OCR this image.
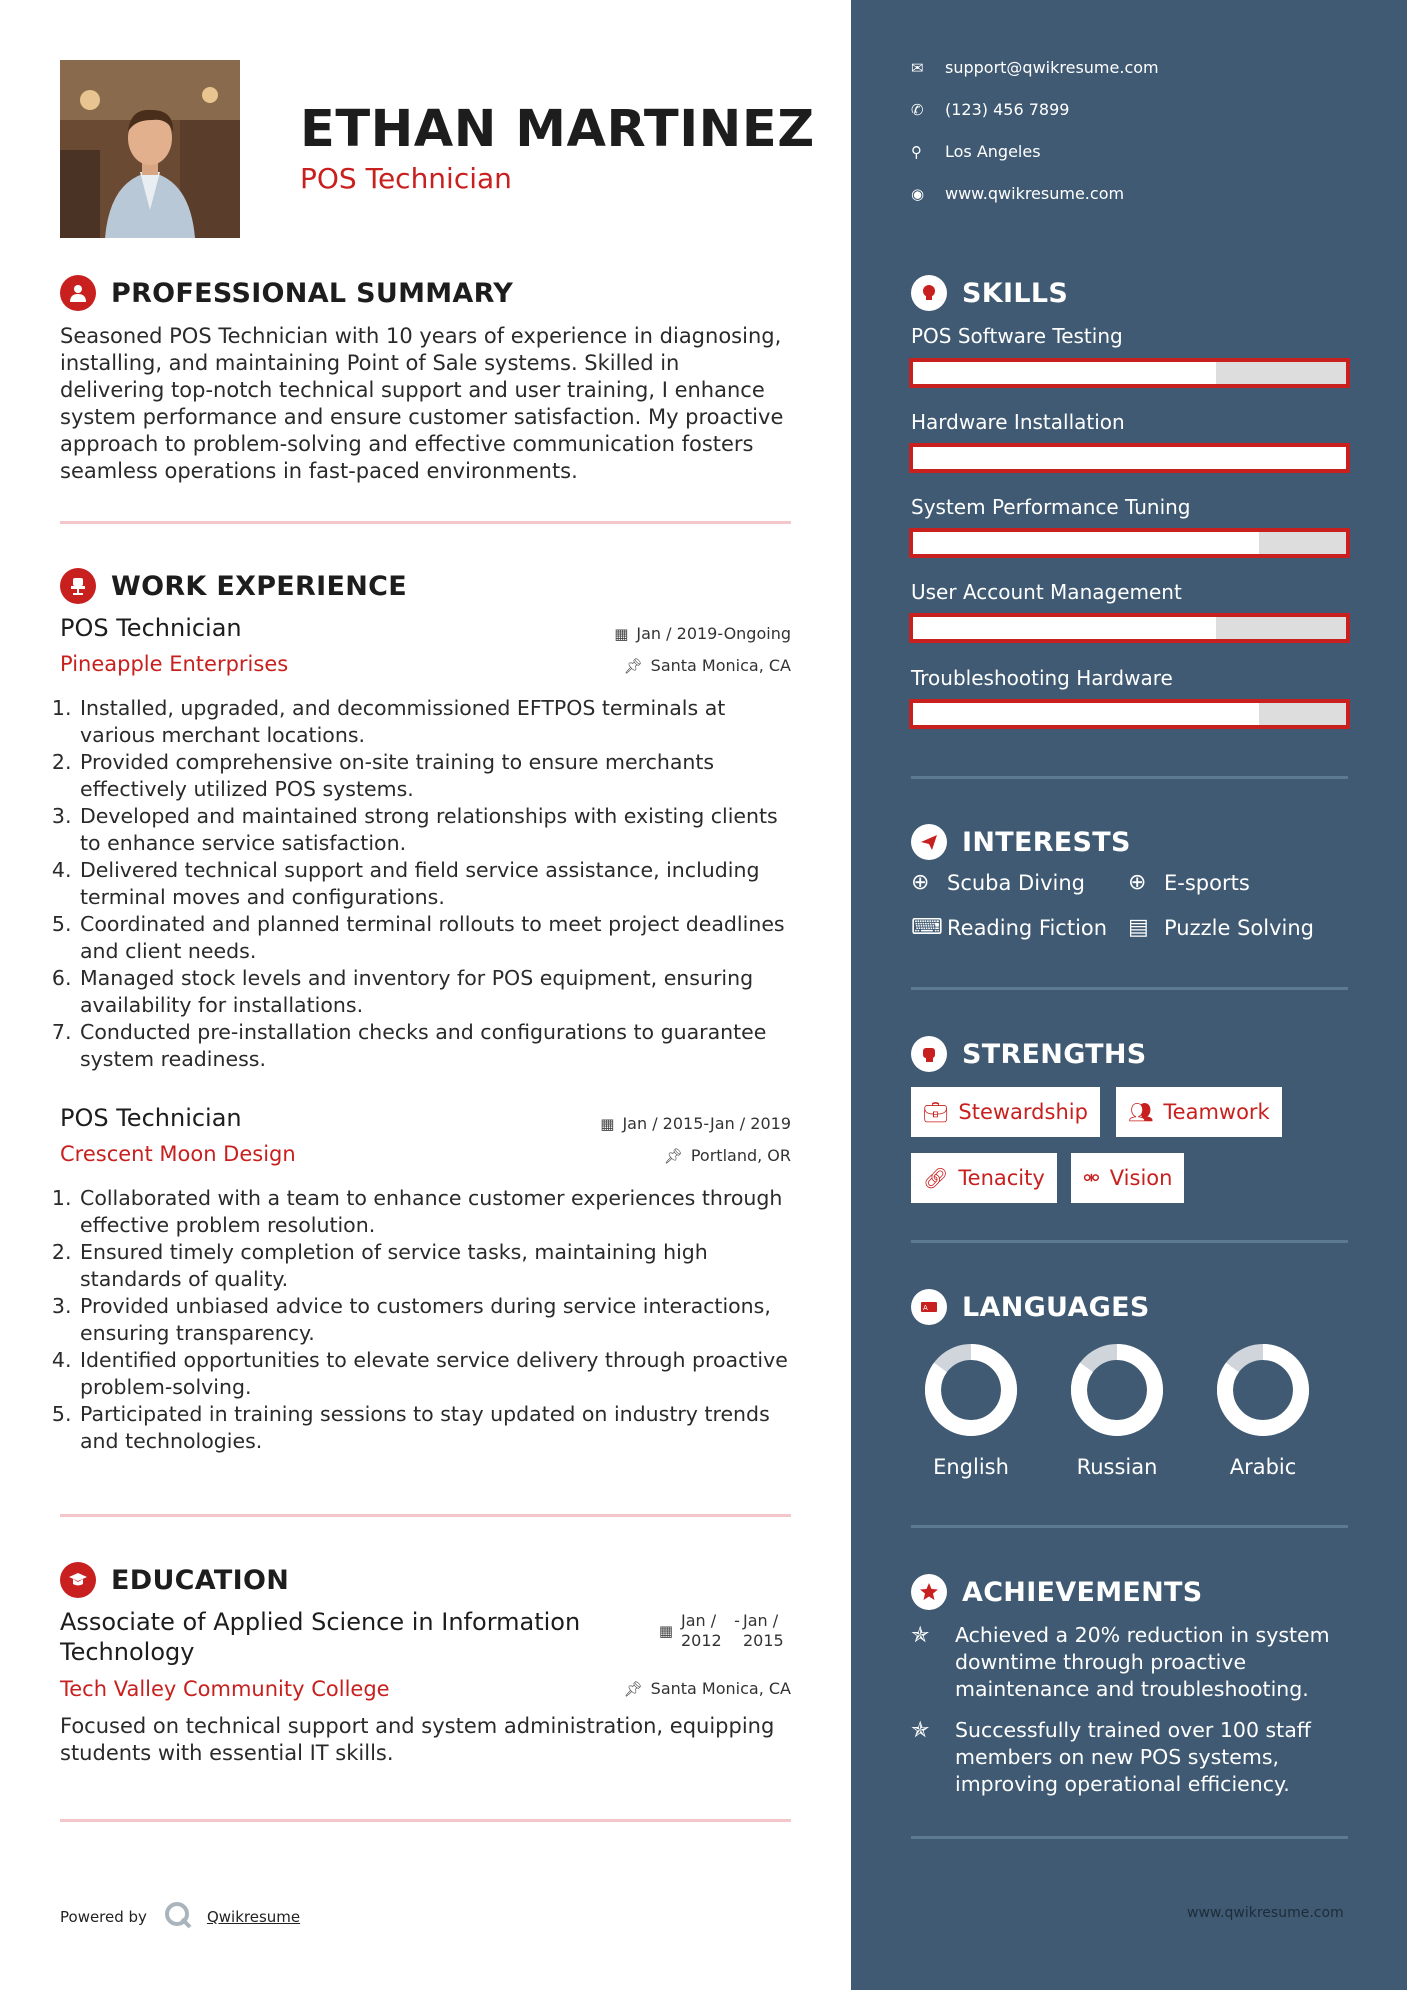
ETHAN MARTINEZ
POS Technician
PROFESSIONAL SUMMARY
Seasoned POS Technician with 10 years of experience in diagnosing, installing, and maintaining Point of Sale systems. Skilled in delivering top-notch technical support and user training, I enhance system performance and ensure customer satisfaction. My proactive approach to problem-solving and effective communication fosters seamless operations in fast-paced environments.
WORK EXPERIENCE
POS Technician
Pineapple Enterprises
▦ Jan / 2019-Ongoing
📌︎ Santa Monica, CA
1. Installed, upgraded, and decommissioned EFTPOS terminals at various merchant locations.
2. Provided comprehensive on-site training to ensure merchants effectively utilized POS systems.
3. Developed and maintained strong relationships with existing clients to enhance service satisfaction.
4. Delivered technical support and field service assistance, including terminal moves and configurations.
5. Coordinated and planned terminal rollouts to meet project deadlines and client needs.
6. Managed stock levels and inventory for POS equipment, ensuring availability for installations.
7. Conducted pre-installation checks and configurations to guarantee system readiness.
POS Technician
Crescent Moon Design
▦ Jan / 2015-Jan / 2019
📌︎ Portland, OR
1. Collaborated with a team to enhance customer experiences through effective problem resolution.
2. Ensured timely completion of service tasks, maintaining high standards of quality.
3. Provided unbiased advice to customers during service interactions, ensuring transparency.
4. Identified opportunities to elevate service delivery through proactive problem-solving.
5. Participated in training sessions to stay updated on industry trends and technologies.
EDUCATION
Associate of Applied Science in Information Technology
Tech Valley Community College
▦
Jan / 2012
- Jan / 2015
📌︎ Santa Monica, CA
Focused on technical support and system administration, equipping students with essential IT skills.
Powered by	Qwikresume
✉	support@qwikresume.com
✆	(123) 456 7899
⚲	Los Angeles
◉	www.qwikresume.com
SKILLS
POS Software Testing
Hardware Installation
System Performance Tuning
User Account Management
Troubleshooting Hardware
INTERESTS
⊕ Scuba Diving ⊕ E-sports
⌨ Reading Fiction ▤ Puzzle Solving
STRENGTHS
💼︎ Stewardship 👥︎ Teamwork
🔗︎ Tenacity ⚮ Vision
A LANGUAGES
English	Russian	Arabic
ACHIEVEMENTS
✯	Achieved a 20% reduction in system downtime through proactive maintenance and troubleshooting.
✯	Successfully trained over 100 staff members on new POS systems, improving operational efficiency.
www.qwikresume.com
